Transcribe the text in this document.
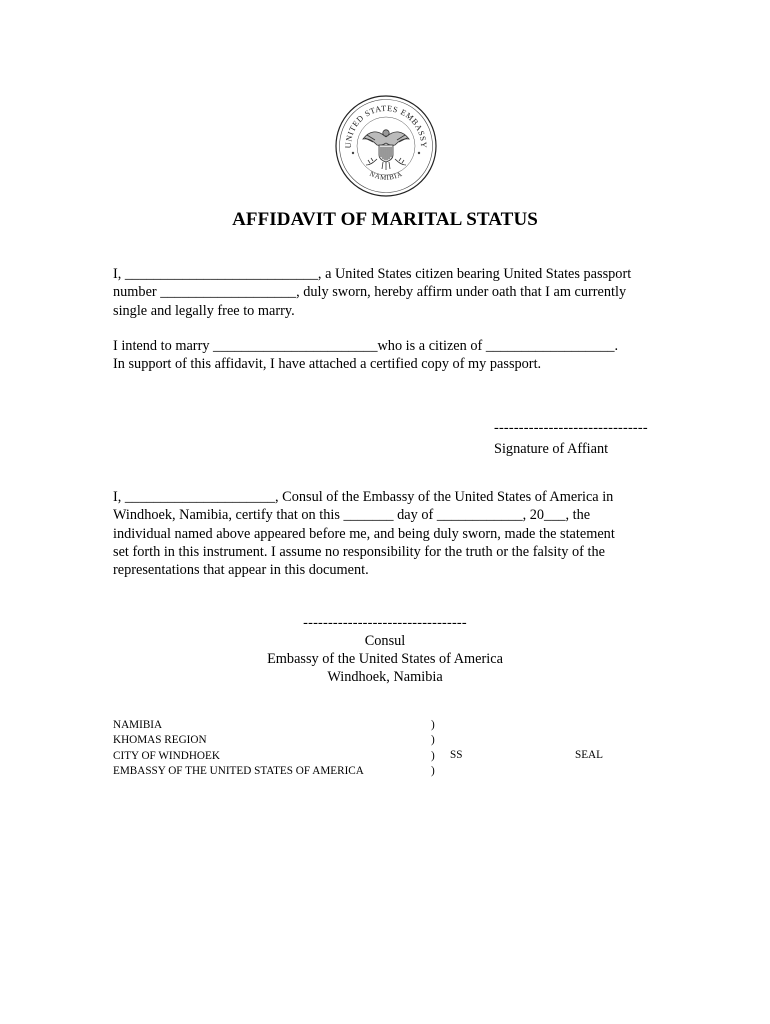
UNITED STATES EMBASSY
NAMIBIA
AFFIDAVIT OF MARITAL STATUS
I, ___________________________, a United States citizen bearing United States passport
number ___________________, duly sworn, hereby affirm under oath that I am currently
single and legally free to marry.
I intend to marry _______________________who is a citizen of __________________.
In support of this affidavit, I have attached a certified copy of my passport.
-------------------------------
Signature of Affiant
I, _____________________, Consul of the Embassy of the United States of America in
Windhoek, Namibia, certify that on this _______ day of ____________, 20___, the
individual named above appeared before me, and being duly sworn, made the statement
set forth in this instrument. I assume no responsibility for the truth or the falsity of the
representations that appear in this document.
---------------------------------
Consul
Embassy of the United States of America
Windhoek, Namibia
NAMIBIA
KHOMAS REGION
CITY OF WINDHOEK
EMBASSY OF THE UNITED STATES OF AMERICA
)
)
)
)
SS	SEAL
